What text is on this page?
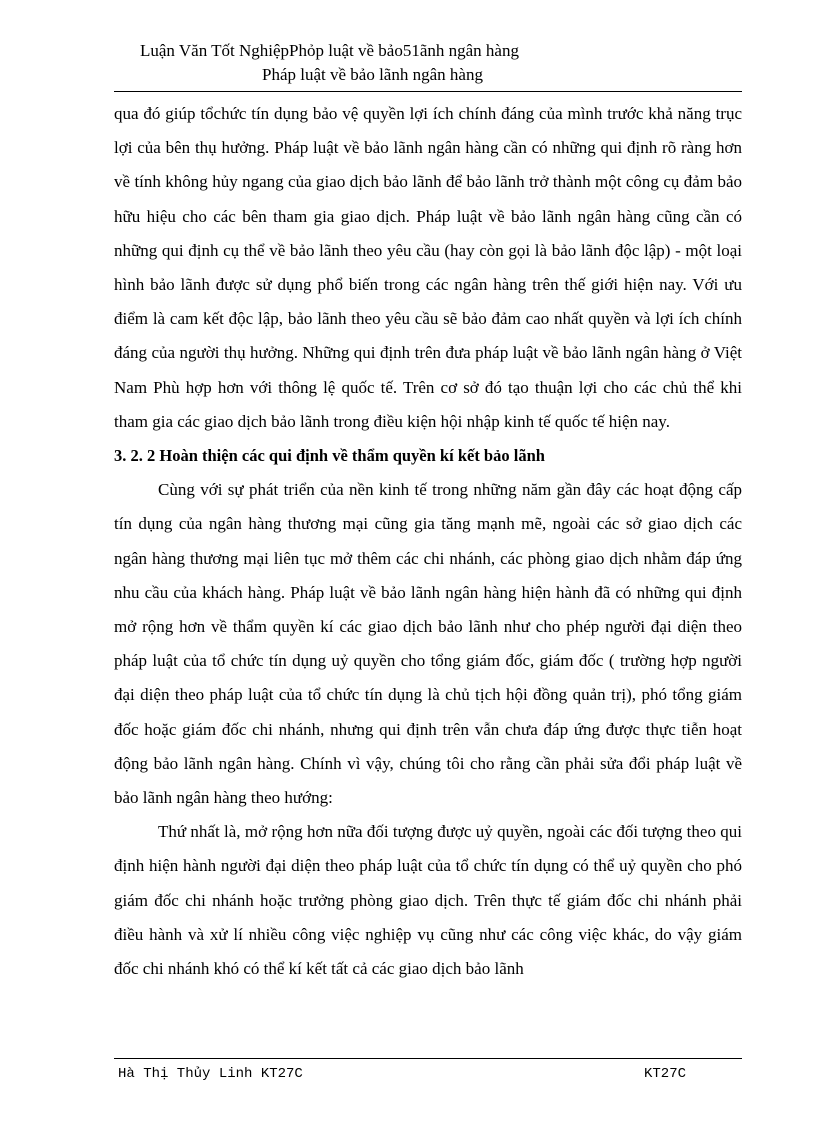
Luận Văn Tốt NghiệpPhỏp luật về bảo51ãnh ngân hàng
Pháp luật về bảo lãnh ngân hàng

qua đó giúp tổchức tín dụng bảo vệ quyền lợi ích chính đáng của mình trước khả năng trục lợi của bên thụ hưởng. Pháp luật về bảo lãnh ngân hàng cần có những qui định rõ ràng hơn về tính không hủy ngang của giao dịch bảo lãnh để bảo lãnh trở thành một công cụ đảm bảo hữu hiệu cho các bên tham gia giao dịch. Pháp luật về bảo lãnh ngân hàng cũng cần có những qui định cụ thể về bảo lãnh theo yêu cầu (hay còn gọi là bảo lãnh độc lập) - một loại hình bảo lãnh được sử dụng phổ biến trong các ngân hàng trên thế giới hiện nay. Với ưu điểm là cam kết độc lập, bảo lãnh theo yêu cầu sẽ bảo đảm cao nhất quyền và lợi ích chính đáng của người thụ hưởng. Những qui định trên đưa pháp luật về bảo lãnh ngân hàng ở Việt Nam Phù hợp hơn với thông lệ quốc tế. Trên cơ sở đó tạo thuận lợi cho các chủ thể khi tham gia các giao dịch bảo lãnh trong điều kiện hội nhập kinh tế quốc tế hiện nay.

3. 2. 2 Hoàn thiện các qui định về thẩm quyền kí kết bảo lãnh

Cùng với sự phát triển của nền kinh tế trong những năm gần đây các hoạt động cấp tín dụng của ngân hàng thương mại cũng gia tăng mạnh mẽ, ngoài các sở giao dịch các ngân hàng thương mại liên tục mở thêm các chi nhánh, các phòng giao dịch nhằm đáp ứng nhu cầu của khách hàng. Pháp luật về bảo lãnh ngân hàng hiện hành đã có những qui định mở rộng hơn về thẩm quyền kí các giao dịch bảo lãnh như cho phép người đại diện theo pháp luật của tổ chức tín dụng uỷ quyền cho tổng giám đốc, giám đốc ( trường hợp người đại diện theo pháp luật của tổ chức tín dụng là chủ tịch hội đồng quản trị), phó tổng giám đốc hoặc giám đốc chi nhánh, nhưng qui định trên vẫn chưa đáp ứng được thực tiễn hoạt động bảo lãnh ngân hàng. Chính vì vậy, chúng tôi cho rằng cần phải sửa đổi pháp luật về bảo lãnh ngân hàng theo hướng:

Thứ nhất là, mở rộng hơn nữa đối tượng được uỷ quyền, ngoài các đối tượng theo qui định hiện hành người đại diện theo pháp luật của tổ chức tín dụng có thể uỷ quyền cho phó giám đốc chi nhánh hoặc trưởng phòng giao dịch. Trên thực tế giám đốc chi nhánh phải điều hành và xử lí nhiều công việc nghiệp vụ cũng như các công việc khác, do vậy giám đốc chi nhánh khó có thể kí kết tất cả các giao dịch bảo lãnh

Hà Thị Thủy Linh KT27C	KT27C
